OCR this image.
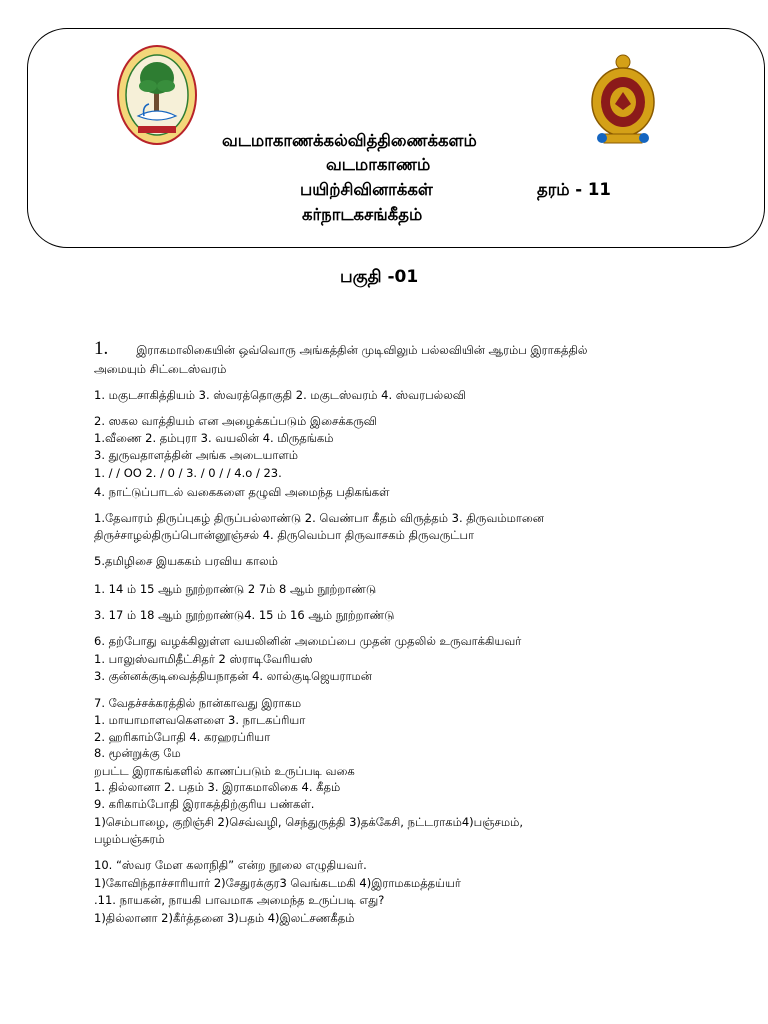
வடமாகாணக்கல்வித்திணைக்களம்
வடமாகாணம்
பயிற்சிவினாக்கள்	தரம் - 11
கர்நாடகசங்கீதம்
பகுதி -01
1. இராகமாலிகையின் ஒவ்வொரு அங்கத்தின் முடிவிலும் பல்லவியின் ஆரம்ப இராகத்தில்
அமையும் சிட்டைஸ்வரம்
1. மகுடசாகித்தியம் 3. ஸ்வரத்தொகுதி 2. மகுடஸ்வரம் 4. ஸ்வரபல்லவி
2. ஸகல வாத்தியம் என அழைக்கப்படும் இசைக்கருவி
1.வீணை 2. தம்புரா 3. வயலின் 4. மிருதங்கம்
3. துருவதாளத்தின் அங்க அடையாளம்
1. / / OO 2. / 0 / 3. / 0 / / 4.o / 23.
4. நாட்டுப்பாடல் வகைகளை தழுவி அமைந்த பதிகங்கள்
1.தேவாரம் திருப்புகழ் திருப்பல்லாண்டு 2. வெண்பா கீதம் விருத்தம் 3. திருவம்மானை
திருச்சாழல்திருப்பொன்னூஞ்சல் 4. திருவெம்பா திருவாசகம் திருவருட்பா
5.தமிழிசை இயககம் பரவிய காலம்
1. 14 ம் 15 ஆம் நூற்றாண்டு 2 7ம் 8 ஆம் நூற்றாண்டு
3. 17 ம் 18 ஆம் நூற்றாண்டு4. 15 ம் 16 ஆம் நூற்றாண்டு
6. தற்போது வழக்கிலுள்ள வயலினின் அமைப்பை முதன் முதலில் உருவாக்கியவர்
1. பாலுஸ்வாமிதீட்சிதர் 2 ஸ்ராடிவேரியஸ்
3. குன்னக்குடிவைத்தியநாதன் 4. லால்குடிஜெயராமன்
7. வேதச்சக்கரத்தில் நான்காவது இராகம
1. மாயாமாளவகௌளை 3. நாடகப்ரியா
2. ஹரிகாம்போதி 4. கரஹரப்ரியா
8. மூன்றுக்கு மே
றபட்ட இராகங்களில் காணப்படும் உருப்படி வகை
1. தில்லானா 2. பதம் 3. இராகமாலிகை 4. கீதம்
9. கரிகாம்போதி இராகத்திற்குரிய பண்கள்.
1)செம்பாழை, குறிஞ்சி 2)செவ்வழி, செந்துருத்தி 3)தக்கேசி, நட்டராகம்4)பஞ்சமம்,
பழம்பஞ்சுரம்
10. “ஸ்வர மேள கலாநிதி” என்ற நூலை எழுதியவர்.
1)கோவிந்தாச்சாரியார் 2)சேதுரக்குர3 வெங்கடமகி 4)இராமகமத்தய்யர்
.11. நாயகன், நாயகி பாவமாக அமைந்த உருப்படி எது?
1)தில்லானா 2)கீர்த்தனை 3)பதம் 4)இலட்சணகீதம்
